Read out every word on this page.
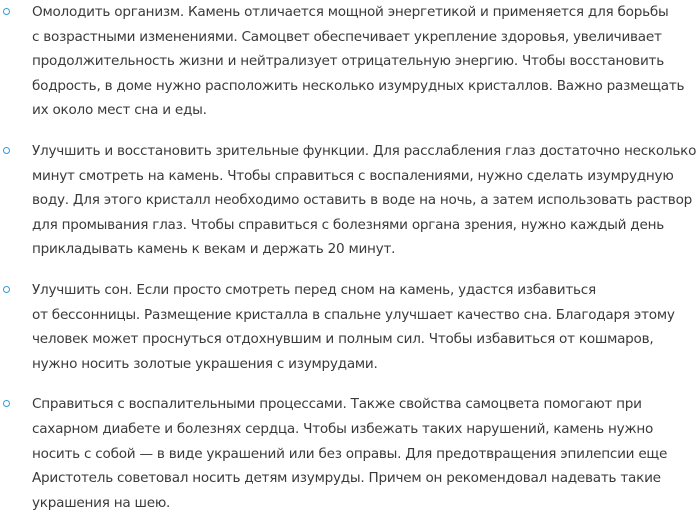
Омолодить организм. Камень отличается мощной энергетикой и применяется для борьбы
с возрастными изменениями. Самоцвет обеспечивает укрепление здоровья, увеличивает
продолжительность жизни и нейтрализует отрицательную энергию. Чтобы восстановить
бодрость, в доме нужно расположить несколько изумрудных кристаллов. Важно размещать
их около мест сна и еды.
Улучшить и восстановить зрительные функции. Для расслабления глаз достаточно несколько
минут смотреть на камень. Чтобы справиться с воспалениями, нужно сделать изумрудную
воду. Для этого кристалл необходимо оставить в воде на ночь, а затем использовать раствор
для промывания глаз. Чтобы справиться с болезнями органа зрения, нужно каждый день
прикладывать камень к векам и держать 20 минут.
Улучшить сон. Если просто смотреть перед сном на камень, удастся избавиться
от бессонницы. Размещение кристалла в спальне улучшает качество сна. Благодаря этому
человек может проснуться отдохнувшим и полным сил. Чтобы избавиться от кошмаров,
нужно носить золотые украшения с изумрудами.
Справиться с воспалительными процессами. Также свойства самоцвета помогают при
сахарном диабете и болезнях сердца. Чтобы избежать таких нарушений, камень нужно
носить с собой — в виде украшений или без оправы. Для предотвращения эпилепсии еще
Аристотель советовал носить детям изумруды. Причем он рекомендовал надевать такие
украшения на шею.
